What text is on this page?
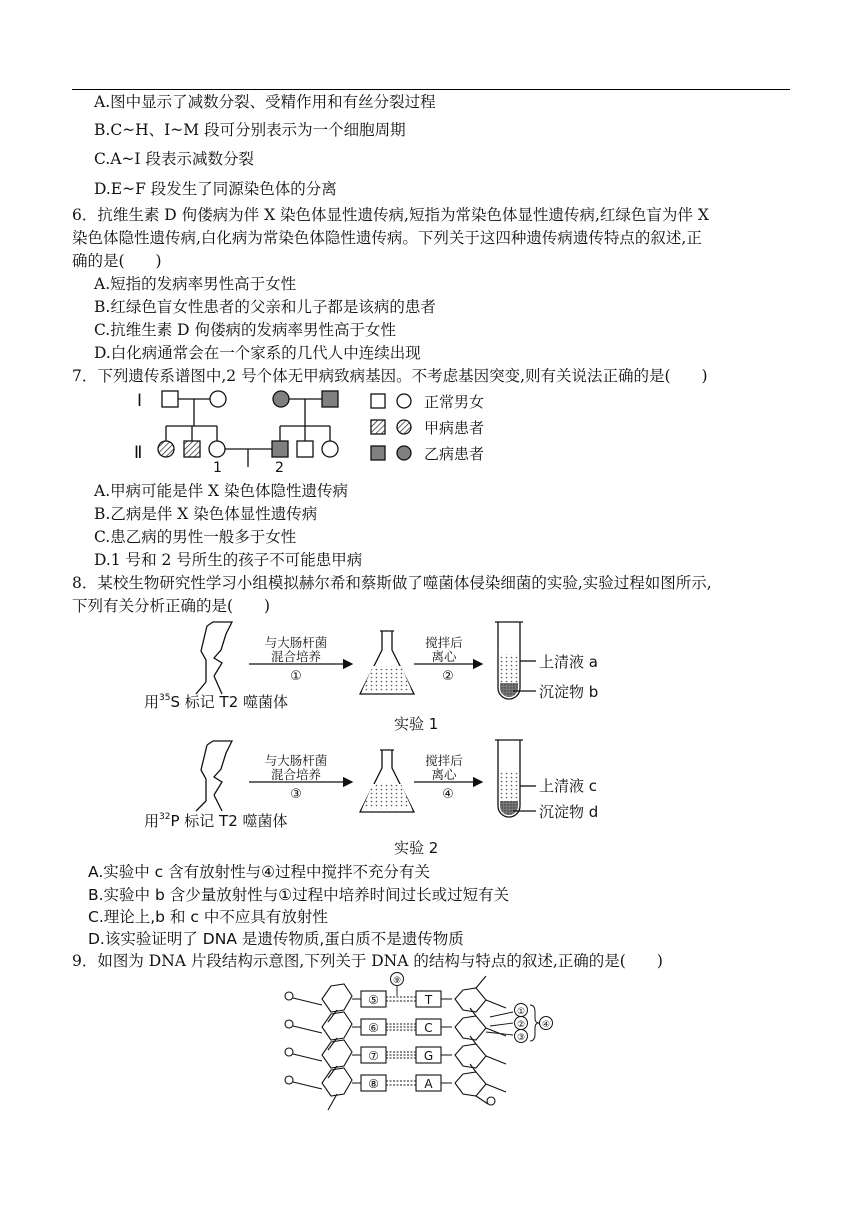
A.图中显示了减数分裂、受精作用和有丝分裂过程
B.C~H、I~M 段可分别表示为一个细胞周期
C.A~I 段表示减数分裂
D.E~F 段发生了同源染色体的分离
6．抗维生素 D 佝偻病为伴 X 染色体显性遗传病,短指为常染色体显性遗传病,红绿色盲为伴 X
染色体隐性遗传病,白化病为常染色体隐性遗传病。下列关于这四种遗传病遗传特点的叙述,正
确的是(　　)
A.短指的发病率男性高于女性
B.红绿色盲女性患者的父亲和儿子都是该病的患者
C.抗维生素 D 佝偻病的发病率男性高于女性
D.白化病通常会在一个家系的几代人中连续出现
7．下列遗传系谱图中,2 号个体无甲病致病基因。不考虑基因突变,则有关说法正确的是(　　)
Ⅰ
Ⅱ
1	2
正常男女
甲病患者
乙病患者
A.甲病可能是伴 X 染色体隐性遗传病
B.乙病是伴 X 染色体显性遗传病
C.患乙病的男性一般多于女性
D.1 号和 2 号所生的孩子不可能患甲病
8．某校生物研究性学习小组模拟赫尔希和蔡斯做了噬菌体侵染细菌的实验,实验过程如图所示,
下列有关分析正确的是(　　)
用$^{35}$S 标记 T2 噬菌体
与大肠杆菌
混合培养
①
搅拌后
离心
②
上清液 a
沉淀物 b
实验 1
用$^{32}$P 标记 T2 噬菌体
与大肠杆菌
混合培养
③
搅拌后
离心
④	上清液 c
沉淀物 d
实验 2
A.实验中 c 含有放射性与④过程中搅拌不充分有关
B.实验中 b 含少量放射性与①过程中培养时间过长或过短有关
C.理论上,b 和 c 中不应具有放射性
D.该实验证明了 DNA 是遗传物质,蛋白质不是遗传物质
9．如图为 DNA 片段结构示意图,下列关于 DNA 的结构与特点的叙述,正确的是(　　)
⑤
⑥
⑦
⑧
T
C
G
A
⑨
①
②
③
④
